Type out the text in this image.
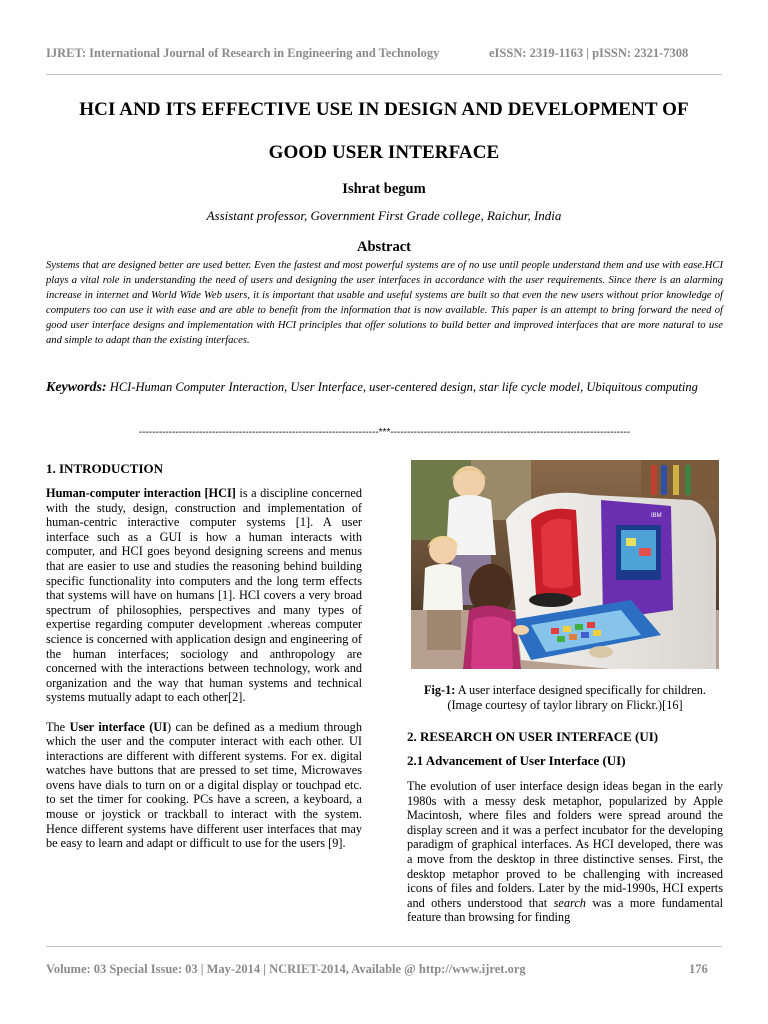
IJRET: International Journal of Research in Engineering and Technology	eISSN: 2319-1163 | pISSN: 2321-7308
HCI AND ITS EFFECTIVE USE IN DESIGN AND DEVELOPMENT OF
GOOD USER INTERFACE
Ishrat begum
Assistant professor, Government First Grade college, Raichur, India
Abstract
Systems that are designed better are used better. Even the fastest and most powerful systems are of no use until people understand them and use with ease.HCI plays a vital role in understanding the need of users and designing the user interfaces in accordance with the user requirements. Since there is an alarming increase in internet and World Wide Web users, it is important that usable and useful systems are built so that even the new users without prior knowledge of computers too can use it with ease and are able to benefit from the information that is now available. This paper is an attempt to bring forward the need of good user interface designs and implementation with HCI principles that offer solutions to build better and improved interfaces that are more natural to use and simple to adapt than the existing interfaces.
Keywords: HCI-Human Computer Interaction, User Interface, user-centered design, star life cycle model, Ubiquitous computing
------------------------------------------------------------------------***------------------------------------------------------------------------
1. INTRODUCTION

Human-computer interaction [HCI] is a discipline concerned with the study, design, construction and implementation of human-centric interactive computer systems [1]. A user interface such as a GUI is how a human interacts with computer, and HCI goes beyond designing screens and menus that are easier to use and studies the reasoning behind building specific functionality into computers and the long term effects that systems will have on humans [1]. HCI covers a very broad spectrum of philosophies, perspectives and many types of expertise regarding computer development .whereas computer science is concerned with application design and engineering of the human interfaces; sociology and anthropology are concerned with the interactions between technology, work and organization and the way that human systems and technical systems mutually adapt to each other[2].

The User interface (UI) can be defined as a medium through which the user and the computer interact with each other. UI interactions are different with different systems. For ex. digital watches have buttons that are pressed to set time, Microwaves ovens have dials to turn on or a digital display or touchpad etc. to set the timer for cooking. PCs have a screen, a keyboard, a mouse or joystick or trackball to interact with the system. Hence different systems have different user interfaces that may be easy to learn and adapt or difficult to use for the users [9].

IBM
Fig-1: A user interface designed specifically for children.
(Image courtesy of taylor library on Flickr.)[16]
2. RESEARCH ON USER INTERFACE (UI)
2.1 Advancement of User Interface (UI)

The evolution of user interface design ideas began in the early 1980s with a messy desk metaphor, popularized by Apple Macintosh, where files and folders were spread around the display screen and it was a perfect incubator for the developing paradigm of graphical interfaces. As HCI developed, there was a move from the desktop in three distinctive senses. First, the desktop metaphor proved to be challenging with increased icons of files and folders. Later by the mid-1990s, HCI experts and others understood that search was a more fundamental feature than browsing for finding

Volume: 03 Special Issue: 03 | May-2014 | NCRIET-2014, Available @ http://www.ijret.org	176
